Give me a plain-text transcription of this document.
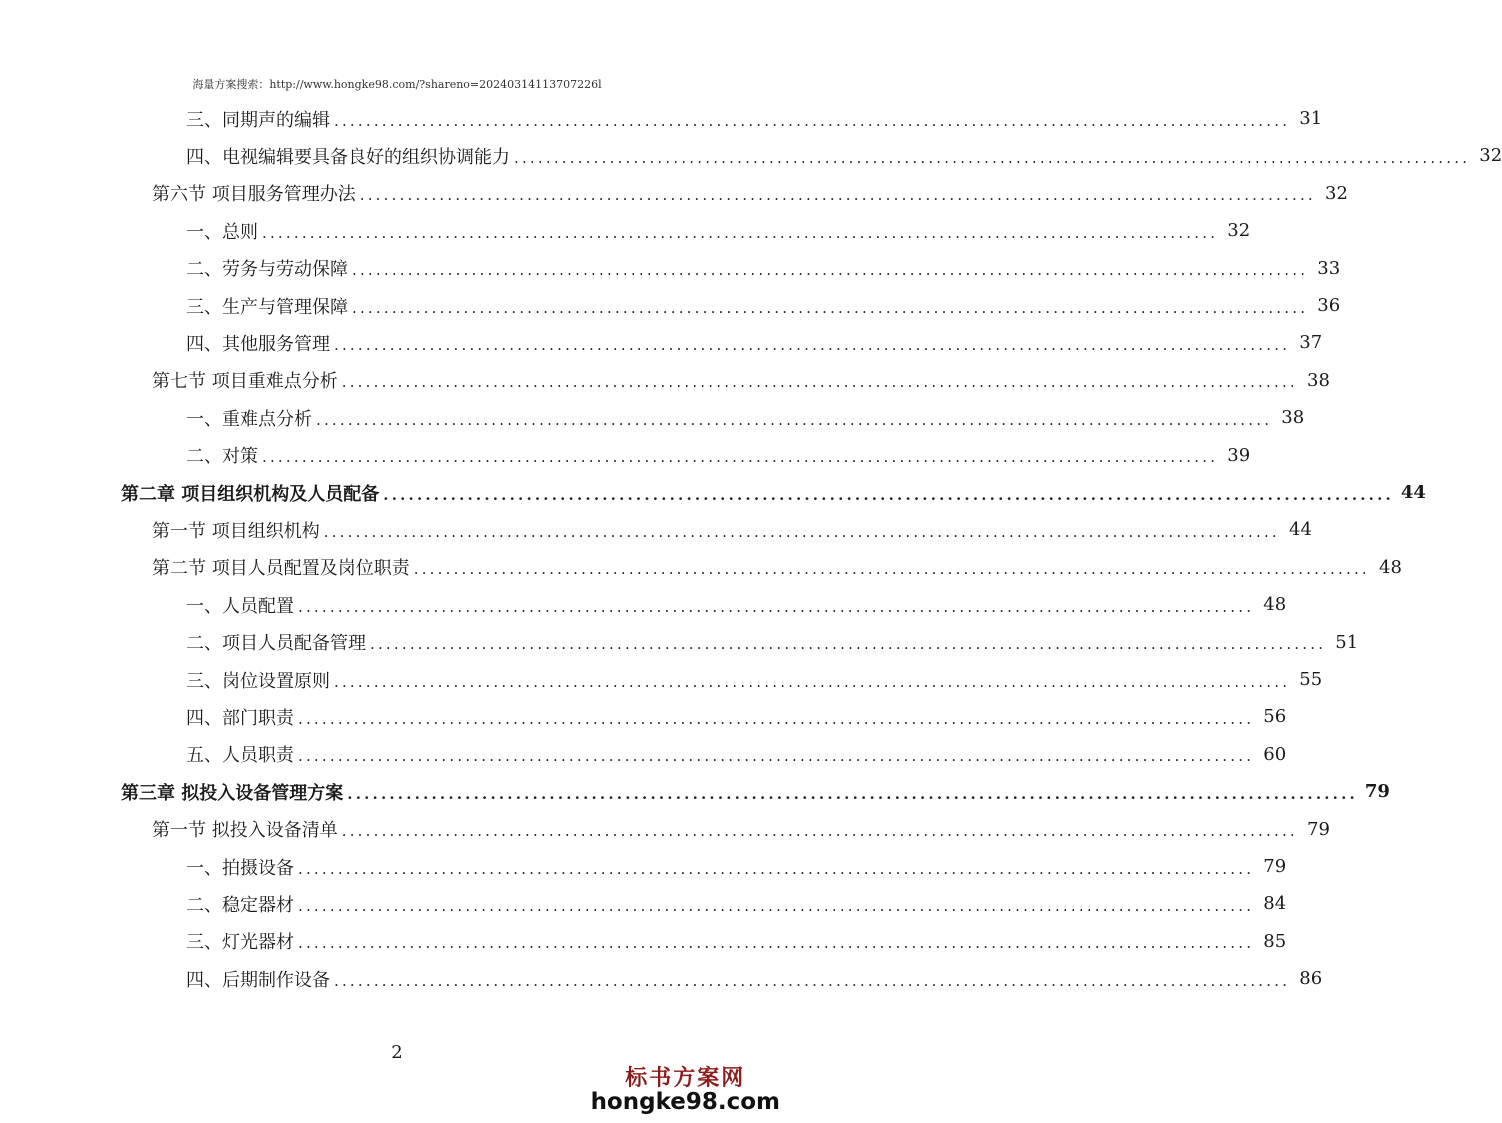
海量方案搜索：http://www.hongke98.com/?shareno=20240314113707226l
三、同期声的编辑 ........................................................................................................................ 31
四、电视编辑要具备良好的组织协调能力 ........................................................................................................................ 32
第六节 项目服务管理办法 ........................................................................................................................ 32
一、总则 ........................................................................................................................ 32
二、劳务与劳动保障 ........................................................................................................................ 33
三、生产与管理保障 ........................................................................................................................ 36
四、其他服务管理 ........................................................................................................................ 37
第七节 项目重难点分析 ........................................................................................................................ 38
一、重难点分析 ........................................................................................................................ 38
二、对策 ........................................................................................................................ 39
第二章 项目组织机构及人员配备 ........................................................................................................................ 44
第一节 项目组织机构 ........................................................................................................................ 44
第二节 项目人员配置及岗位职责 ........................................................................................................................ 48
一、人员配置 ........................................................................................................................ 48
二、项目人员配备管理 ........................................................................................................................ 51
三、岗位设置原则 ........................................................................................................................ 55
四、部门职责 ........................................................................................................................ 56
五、人员职责 ........................................................................................................................ 60
第三章 拟投入设备管理方案 ........................................................................................................................ 79
第一节 拟投入设备清单 ........................................................................................................................ 79
一、拍摄设备 ........................................................................................................................ 79
二、稳定器材 ........................................................................................................................ 84
三、灯光器材 ........................................................................................................................ 85
四、后期制作设备 ........................................................................................................................ 86
2
标书方案网
hongke98.com
